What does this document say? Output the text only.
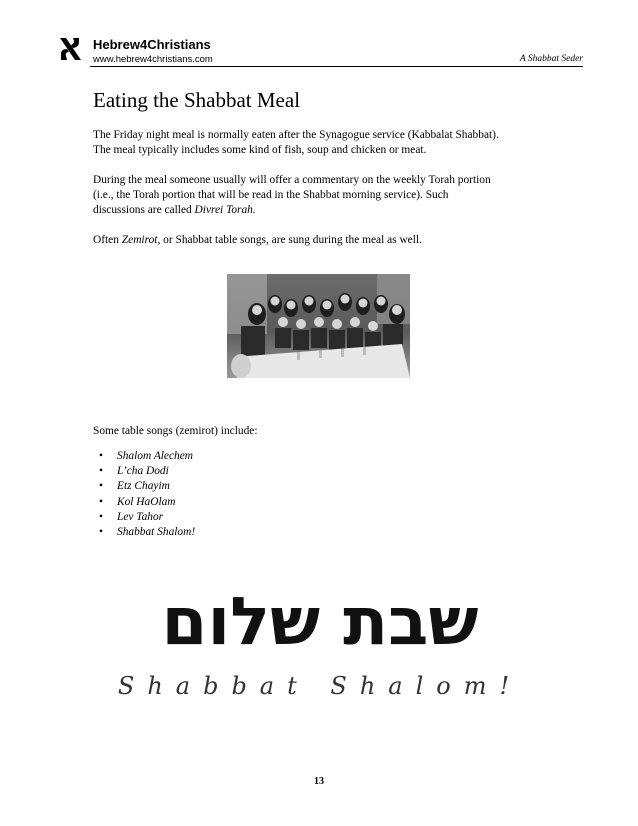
Hebrew4Christians
www.hebrew4christians.com	A Shabbat Seder
Eating the Shabbat Meal
The Friday night meal is normally eaten after the Synagogue service (Kabbalat Shabbat).
The meal typically includes some kind of fish, soup and chicken or meat.
During the meal someone usually will offer a commentary on the weekly Torah portion
(i.e., the Torah portion that will be read in the Shabbat morning service). Such
discussions are called Divrei Torah.
Often Zemirot, or Shabbat table songs, are sung during the meal as well.
Some table songs (zemirot) include:
• Shalom Alechem
• L’cha Dodi
• Etz Chayim
• Kol HaOlam
• Lev Tahor
• Shabbat Shalom!
שבת שלום
Shabbat Shalom!
13
